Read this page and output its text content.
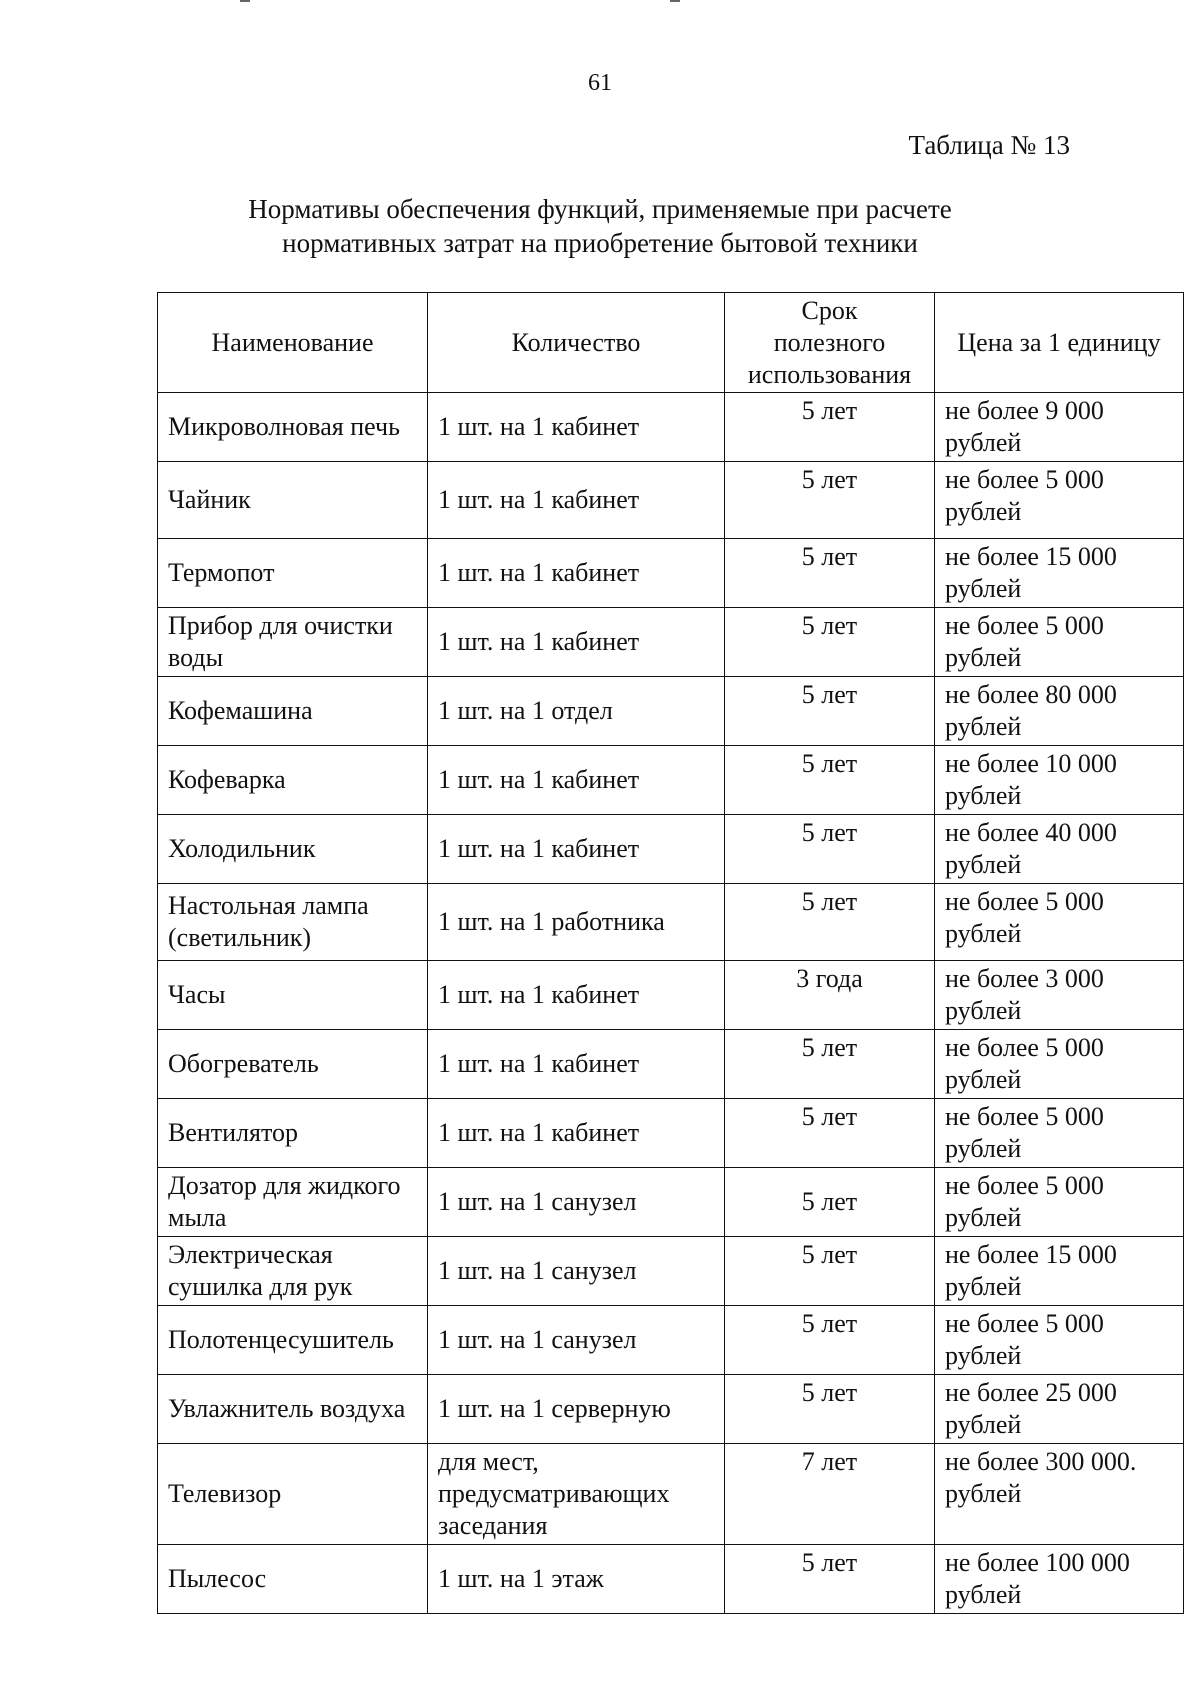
61
Таблица № 13
Нормативы обеспечения функций, применяемые при расчете
нормативных затрат на приобретение бытовой техники
Наименование	Количество	Срок полезного использования	Цена за 1 единицу
Микроволновая печь	1 шт. на 1 кабинет	5 лет	не более 9 000 рублей
Чайник	1 шт. на 1 кабинет	5 лет	не более 5 000 рублей
Термопот	1 шт. на 1 кабинет	5 лет	не более 15 000 рублей
Прибор для очистки воды	1 шт. на 1 кабинет	5 лет	не более 5 000 рублей
Кофемашина	1 шт. на 1 отдел	5 лет	не более 80 000 рублей
Кофеварка	1 шт. на 1 кабинет	5 лет	не более 10 000 рублей
Холодильник	1 шт. на 1 кабинет	5 лет	не более 40 000 рублей
Настольная лампа (светильник)	1 шт. на 1 работника	5 лет	не более 5 000 рублей
Часы	1 шт. на 1 кабинет	3 года	не более 3 000 рублей
Обогреватель	1 шт. на 1 кабинет	5 лет	не более 5 000 рублей
Вентилятор	1 шт. на 1 кабинет	5 лет	не более 5 000 рублей
Дозатор для жидкого мыла	1 шт. на 1 санузел	5 лет	не более 5 000 рублей
Электрическая сушилка для рук	1 шт. на 1 санузел	5 лет	не более 15 000 рублей
Полотенцесушитель	1 шт. на 1 санузел	5 лет	не более 5 000 рублей
Увлажнитель воздуха	1 шт. на 1 серверную	5 лет	не более 25 000 рублей
Телевизор	для мест, предусматривающих заседания	7 лет	не более 300 000. рублей
Пылесос	1 шт. на 1 этаж	5 лет	не более 100 000 рублей
